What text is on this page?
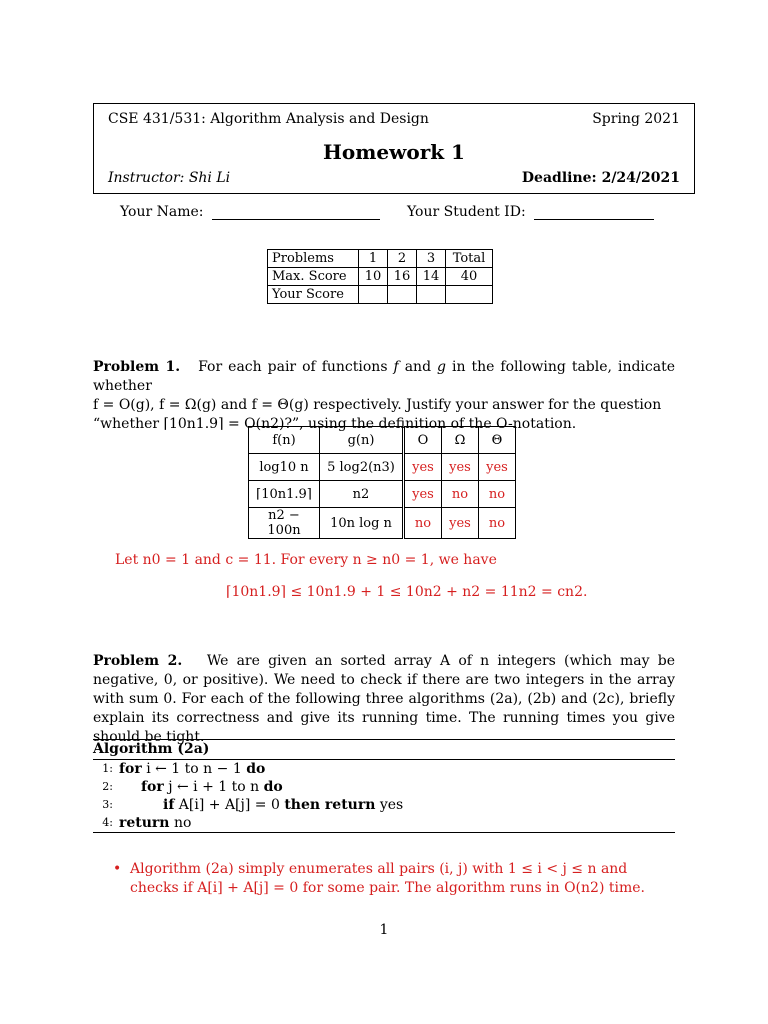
CSE 431/531: Algorithm Analysis and Design	Spring 2021
Homework 1
Instructor: Shi Li	Deadline: 2/24/2021
Your Name:	Your Student ID:
Problems	1	2	3	Total
Max. Score	10	16	14	40
Your Score				
Problem 1. For each pair of functions f and g in the following table, indicate whether
f = O(g), f = Ω(g) and f = Θ(g) respectively. Justify your answer for the question
“whether ⌈10n1.9⌉ = O(n2)?”, using the definition of the O-notation.
f(n)	g(n)	O	Ω	Θ
log10 n	5 log2(n3)	yes	yes	yes
⌈10n1.9⌉	n2	yes	no	no
n2 − 100n	10n log n	no	yes	no
Let n0 = 1 and c = 11. For every n ≥ n0 = 1, we have
⌈10n1.9⌉ ≤ 10n1.9 + 1 ≤ 10n2 + n2 = 11n2 = cn2.
Problem 2. We are given an sorted array A of n integers (which may be negative, 0, or positive). We need to check if there are two integers in the array with sum 0. For each of the following three algorithms (2a), (2b) and (2c), briefly explain its correctness and give its running time. The running times you give should be tight.
Algorithm (2a)
1: for i ← 1 to n − 1 do
2: for j ← i + 1 to n do
3:	if A[i] + A[j] = 0 then return yes
4: return no
• Algorithm (2a) simply enumerates all pairs (i, j) with 1 ≤ i < j ≤ n and checks if A[i] + A[j] = 0 for some pair. The algorithm runs in O(n2) time.
1
